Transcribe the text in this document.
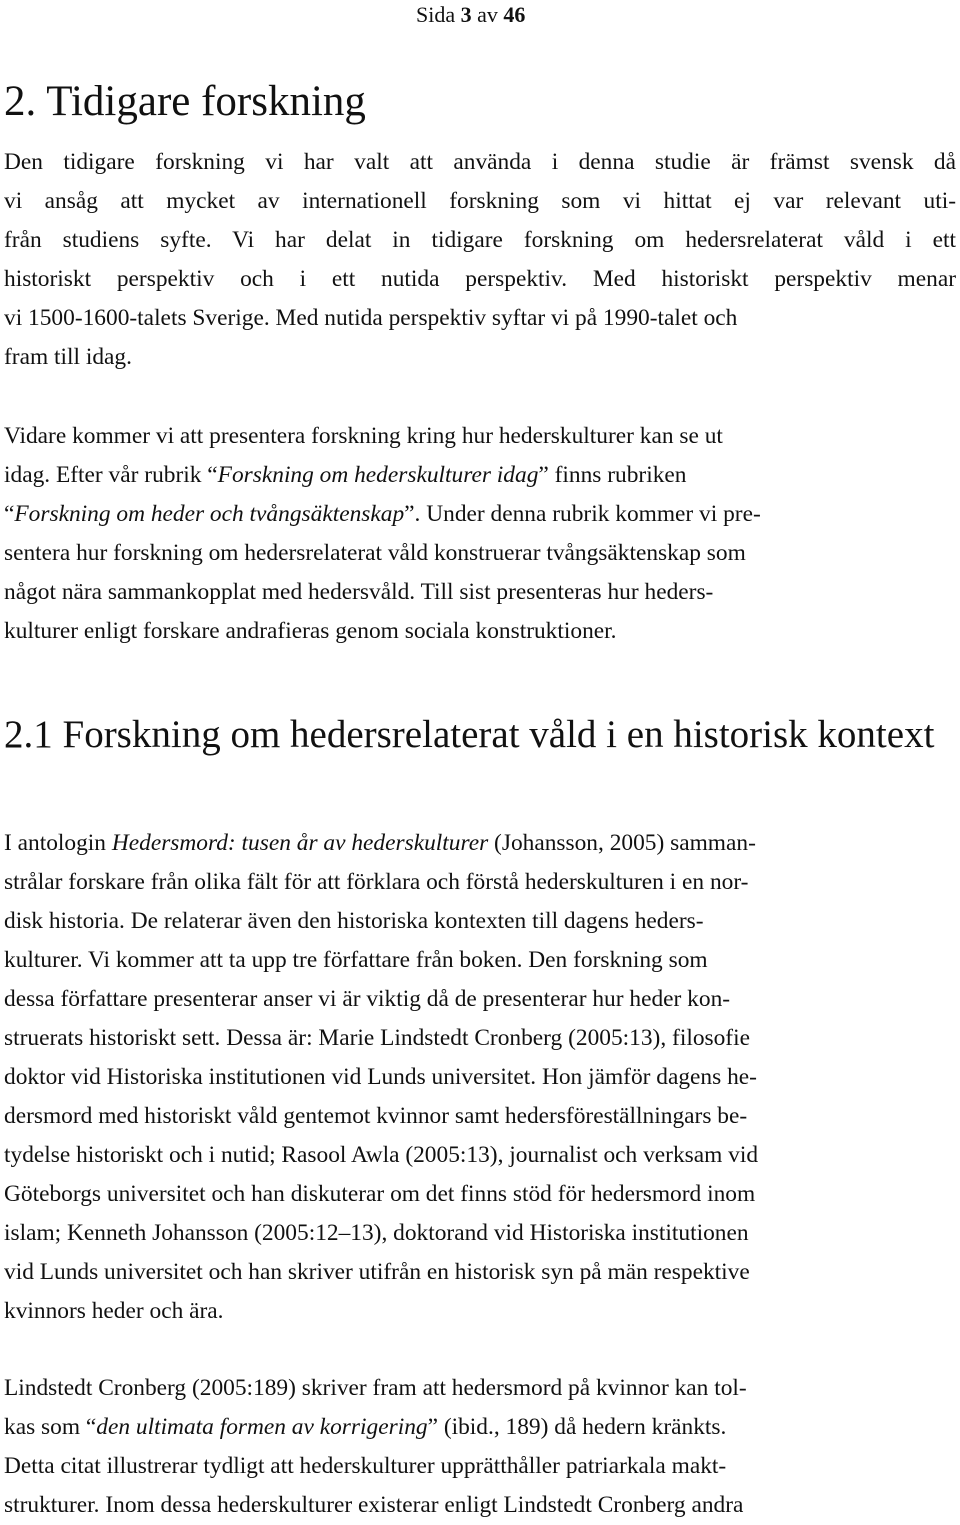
Sida 3 av 46
2. Tidigare forskning

Den tidigare forskning vi har valt att använda i denna studie är främst svensk då
vi ansåg att mycket av internationell forskning som vi hittat ej var relevant uti-
från studiens syfte. Vi har delat in tidigare forskning om hedersrelaterat våld i ett
historiskt perspektiv och i ett nutida perspektiv. Med historiskt perspektiv menar
vi 1500-1600-talets Sverige. Med nutida perspektiv syftar vi på 1990-talet och
fram till idag.

Vidare kommer vi att presentera forskning kring hur hederskulturer kan se ut
idag. Efter vår rubrik “Forskning om hederskulturer idag” finns rubriken
“Forskning om heder och tvångsäktenskap”. Under denna rubrik kommer vi pre-
sentera hur forskning om hedersrelaterat våld konstruerar tvångsäktenskap som
något nära sammankopplat med hedersvåld. Till sist presenteras hur heders-
kulturer enligt forskare andrafieras genom sociala konstruktioner.

2.1 Forskning om hedersrelaterat våld i en historisk kontext

I antologin Hedersmord: tusen år av hederskulturer (Johansson, 2005) samman-
strålar forskare från olika fält för att förklara och förstå hederskulturen i en nor-
disk historia. De relaterar även den historiska kontexten till dagens heders-
kulturer. Vi kommer att ta upp tre författare från boken. Den forskning som
dessa författare presenterar anser vi är viktig då de presenterar hur heder kon-
struerats historiskt sett. Dessa är: Marie Lindstedt Cronberg (2005:13), filosofie
doktor vid Historiska institutionen vid Lunds universitet. Hon jämför dagens he-
dersmord med historiskt våld gentemot kvinnor samt hedersföreställningars be-
tydelse historiskt och i nutid; Rasool Awla (2005:13), journalist och verksam vid
Göteborgs universitet och han diskuterar om det finns stöd för hedersmord inom
islam; Kenneth Johansson (2005:12–13), doktorand vid Historiska institutionen
vid Lunds universitet och han skriver utifrån en historisk syn på män respektive
kvinnors heder och ära.

Lindstedt Cronberg (2005:189) skriver fram att hedersmord på kvinnor kan tol-
kas som “den ultimata formen av korrigering” (ibid., 189) då hedern kränkts.
Detta citat illustrerar tydligt att hederskulturer upprätthåller patriarkala makt-
strukturer. Inom dessa hederskulturer existerar enligt Lindstedt Cronberg andra
